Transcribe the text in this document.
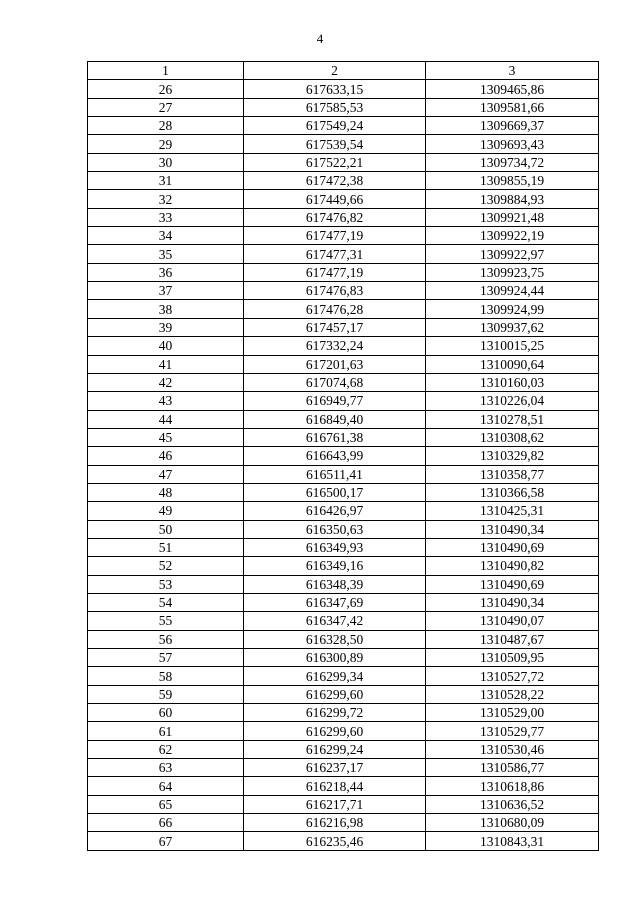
4
1	2	3
26	617633,15	1309465,86
27	617585,53	1309581,66
28	617549,24	1309669,37
29	617539,54	1309693,43
30	617522,21	1309734,72
31	617472,38	1309855,19
32	617449,66	1309884,93
33	617476,82	1309921,48
34	617477,19	1309922,19
35	617477,31	1309922,97
36	617477,19	1309923,75
37	617476,83	1309924,44
38	617476,28	1309924,99
39	617457,17	1309937,62
40	617332,24	1310015,25
41	617201,63	1310090,64
42	617074,68	1310160,03
43	616949,77	1310226,04
44	616849,40	1310278,51
45	616761,38	1310308,62
46	616643,99	1310329,82
47	616511,41	1310358,77
48	616500,17	1310366,58
49	616426,97	1310425,31
50	616350,63	1310490,34
51	616349,93	1310490,69
52	616349,16	1310490,82
53	616348,39	1310490,69
54	616347,69	1310490,34
55	616347,42	1310490,07
56	616328,50	1310487,67
57	616300,89	1310509,95
58	616299,34	1310527,72
59	616299,60	1310528,22
60	616299,72	1310529,00
61	616299,60	1310529,77
62	616299,24	1310530,46
63	616237,17	1310586,77
64	616218,44	1310618,86
65	616217,71	1310636,52
66	616216,98	1310680,09
67	616235,46	1310843,31
